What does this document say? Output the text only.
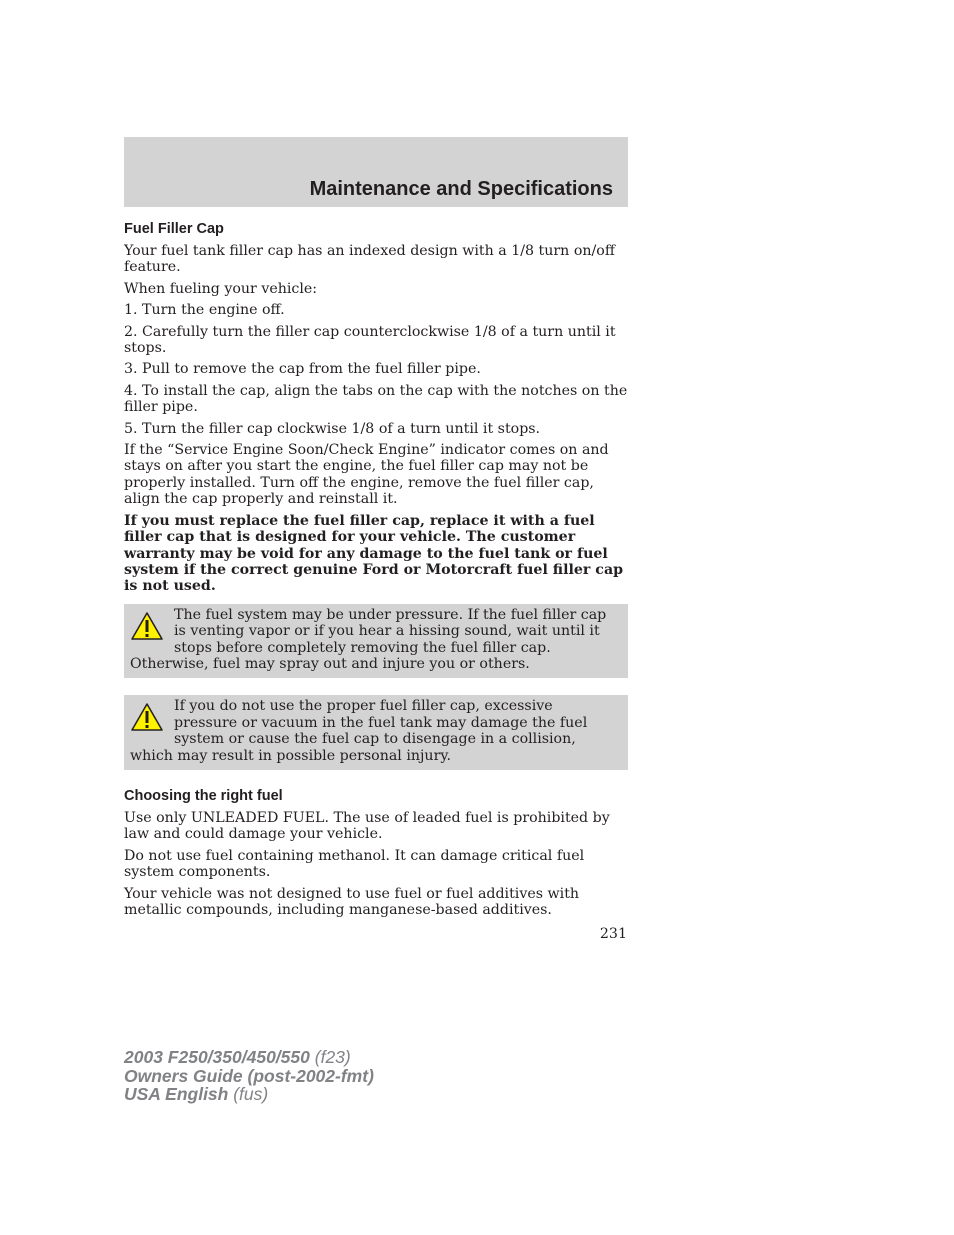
Maintenance and Specifications
Fuel Filler Cap

Your fuel tank filler cap has an indexed design with a 1/8 turn on/off feature.

When fueling your vehicle:

1. Turn the engine off.

2. Carefully turn the filler cap counterclockwise 1/8 of a turn until it stops.

3. Pull to remove the cap from the fuel filler pipe.

4. To install the cap, align the tabs on the cap with the notches on the filler pipe.

5. Turn the filler cap clockwise 1/8 of a turn until it stops.

If the “Service Engine Soon/Check Engine” indicator comes on and stays on after you start the engine, the fuel filler cap may not be properly installed. Turn off the engine, remove the fuel filler cap, align the cap properly and reinstall it.

If you must replace the fuel filler cap, replace it with a fuel filler cap that is designed for your vehicle. The customer warranty may be void for any damage to the fuel tank or fuel system if the correct genuine Ford or Motorcraft fuel filler cap is not used.

The fuel system may be under pressure. If the fuel filler cap is venting vapor or if you hear a hissing sound, wait until it stops before completely removing the fuel filler cap. Otherwise, fuel may spray out and injure you or others.

If you do not use the proper fuel filler cap, excessive pressure or vacuum in the fuel tank may damage the fuel system or cause the fuel cap to disengage in a collision, which may result in possible personal injury.

Choosing the right fuel

Use only UNLEADED FUEL. The use of leaded fuel is prohibited by law and could damage your vehicle.

Do not use fuel containing methanol. It can damage critical fuel system components.

Your vehicle was not designed to use fuel or fuel additives with metallic compounds, including manganese-based additives.

231

2003 F250/350/450/550 (f23)
Owners Guide (post-2002-fmt)
USA English (fus)
